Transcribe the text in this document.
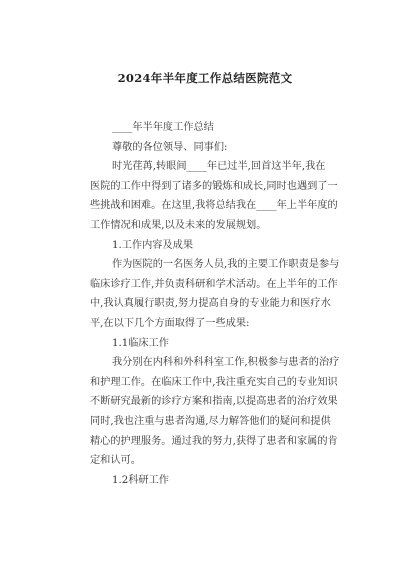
2024年半年度工作总结医院范文

____年半年度工作总结

尊敬的各位领导、同事们:

时光荏苒,转眼间____年已过半,回首这半年,我在
医院的工作中得到了诸多的锻炼和成长,同时也遇到了一
些挑战和困难。在这里,我将总结我在____年上半年度的
工作情况和成果,以及未来的发展规划。

1.工作内容及成果

作为医院的一名医务人员,我的主要工作职责是参与
临床诊疗工作,并负责科研和学术活动。在上半年的工作
中,我认真履行职责,努力提高自身的专业能力和医疗水
平,在以下几个方面取得了一些成果:

1.1临床工作

我分别在内科和外科科室工作,积极参与患者的治疗
和护理工作。在临床工作中,我注重充实自己的专业知识
不断研究最新的诊疗方案和指南,以提高患者的治疗效果
同时,我也注重与患者沟通,尽力解答他们的疑问和提供
精心的护理服务。通过我的努力,获得了患者和家属的肯
定和认可。

1.2科研工作
